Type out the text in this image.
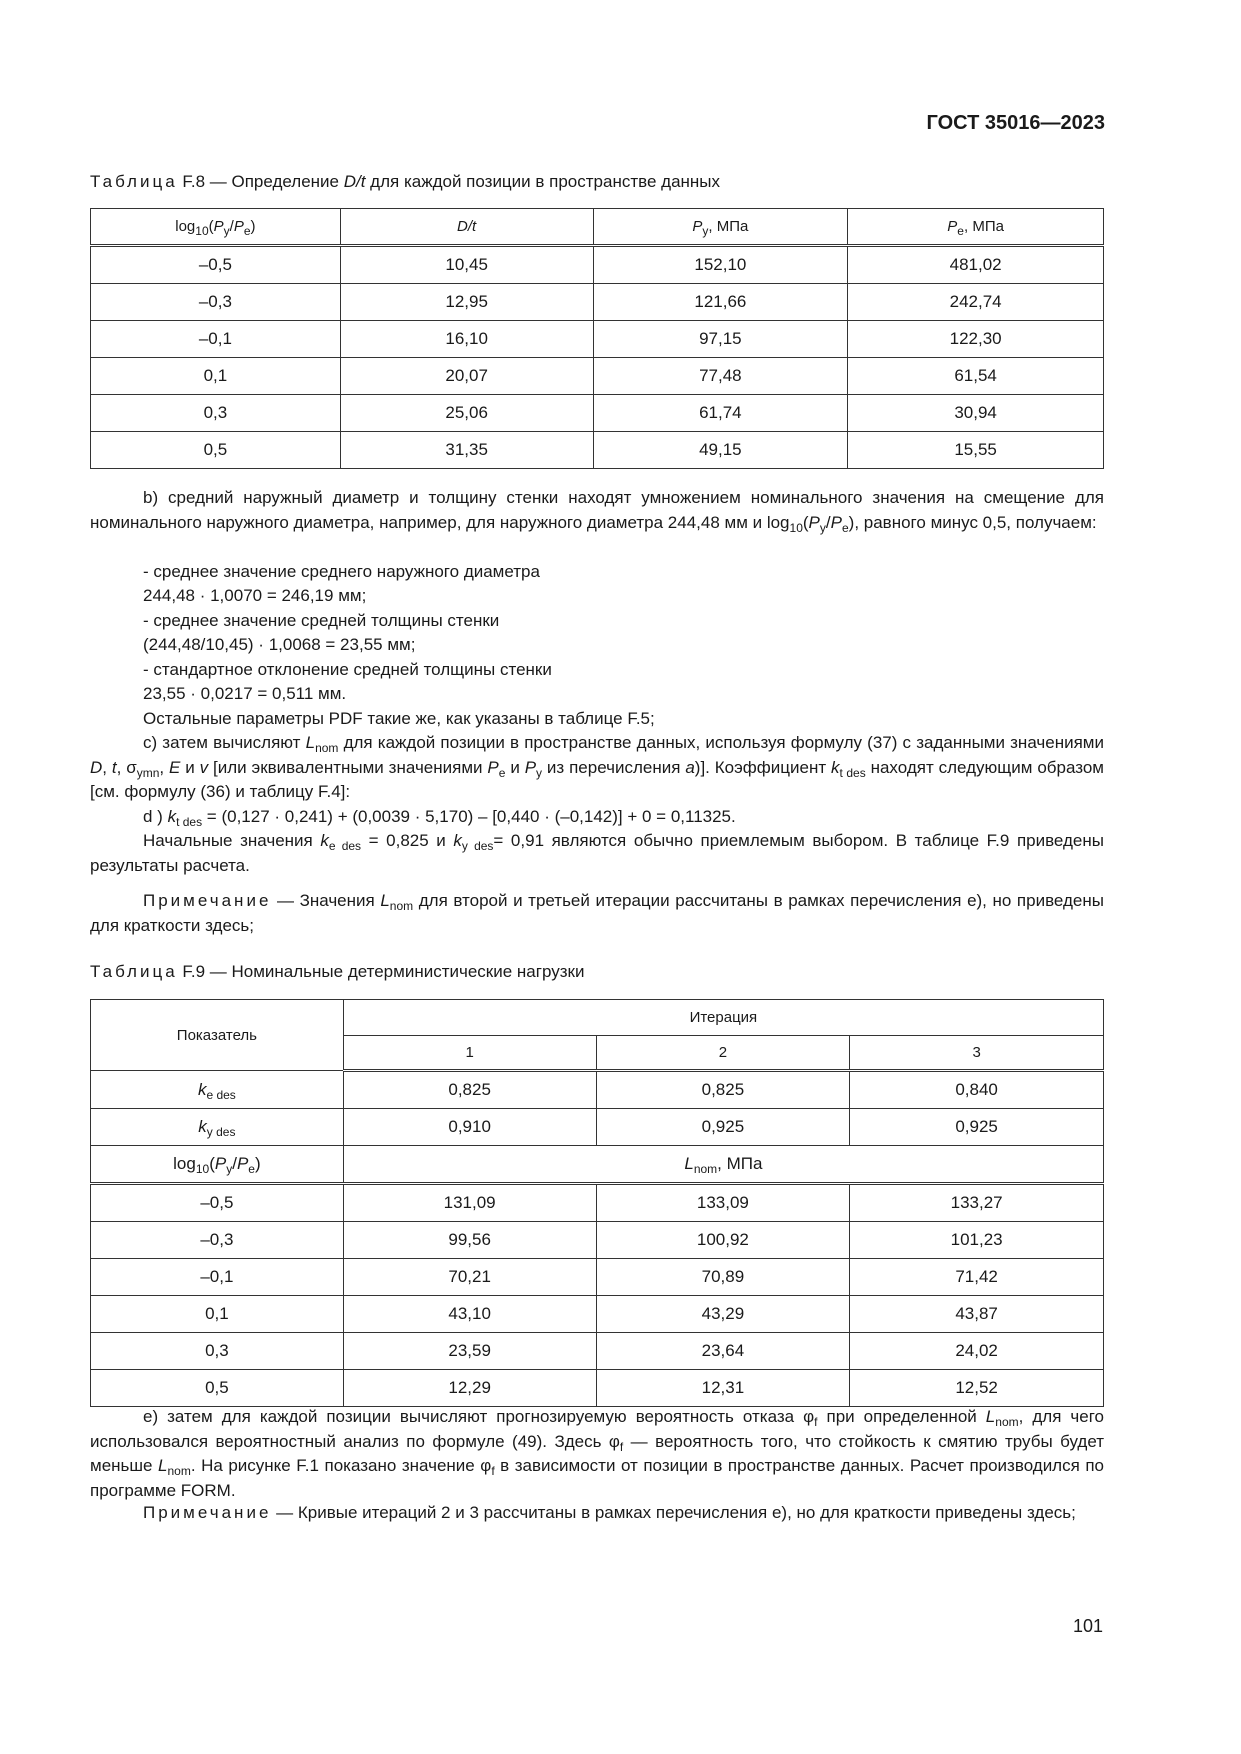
ГОСТ 35016—2023
Таблица F.8 — Определение D/t для каждой позиции в пространстве данных
$\log_{10}(P_y/P_e)$	D/t	$P_y$, МПа	$P_e$, МПа
–0,5	10,45	152,10	481,02
–0,3	12,95	121,66	242,74
–0,1	16,10	97,15	122,30
0,1	20,07	77,48	61,54
0,3	25,06	61,74	30,94
0,5	31,35	49,15	15,55
b) средний наружный диаметр и толщину стенки находят умножением номинального значения на смещение для номинального наружного диаметра, например, для наружного диаметра 244,48 мм и $\log_{10}(P_y/P_e)$, равного минус 0,5, получаем:
- среднее значение среднего наружного диаметра
244,48 · 1,0070 = 246,19 мм;
- среднее значение средней толщины стенки
(244,48/10,45) · 1,0068 = 23,55 мм;
- стандартное отклонение средней толщины стенки
23,55 · 0,0217 = 0,511 мм.
Остальные параметры PDF такие же, как указаны в таблице F.5;
c) затем вычисляют $L_{nom}$ для каждой позиции в пространстве данных, используя формулу (37) с заданными значениями D, t, $\sigma_{ymn}$, E и v [или эквивалентными значениями $P_e$ и $P_y$ из перечисления а)]. Коэффициент $k_{t des}$ находят следующим образом [см. формулу (36) и таблицу F.4]:
d ) $k_{t des} = (0,127 \cdot 0,241) + (0,0039 \cdot 5,170) - [0,440 \cdot (-0,142)] + 0 = 0,11325$.
Начальные значения $k_{e des} = 0,825$ и $k_{y des}= 0,91$ являются обычно приемлемым выбором. В таблице F.9 приведены результаты расчета.
Примечание — Значения $L_{nom}$ для второй и третьей итерации рассчитаны в рамках перечисления е), но приведены для краткости здесь;
Таблица F.9 — Номинальные детерминистические нагрузки
Показатель	Итерация		
	1	2	3
$k_{e des}$	0,825	0,825	0,840
$k_{y des}$	0,910	0,925	0,925
$\log_{10}(P_y/P_e)$	$L_{nom}$, МПа		
–0,5	131,09	133,09	133,27
–0,3	99,56	100,92	101,23
–0,1	70,21	70,89	71,42
0,1	43,10	43,29	43,87
0,3	23,59	23,64	24,02
0,5	12,29	12,31	12,52
е) затем для каждой позиции вычисляют прогнозируемую вероятность отказа $\varphi_f$ при определенной $L_{nom}$, для чего использовался вероятностный анализ по формуле (49). Здесь $\varphi_f$ — вероятность того, что стойкость к смятию трубы будет меньше $L_{nom}$. На рисунке F.1 показано значение $\varphi_f$ в зависимости от позиции в пространстве данных. Расчет производился по программе FORM.
Примечание — Кривые итераций 2 и 3 рассчитаны в рамках перечисления е), но для краткости приведены здесь;
101
